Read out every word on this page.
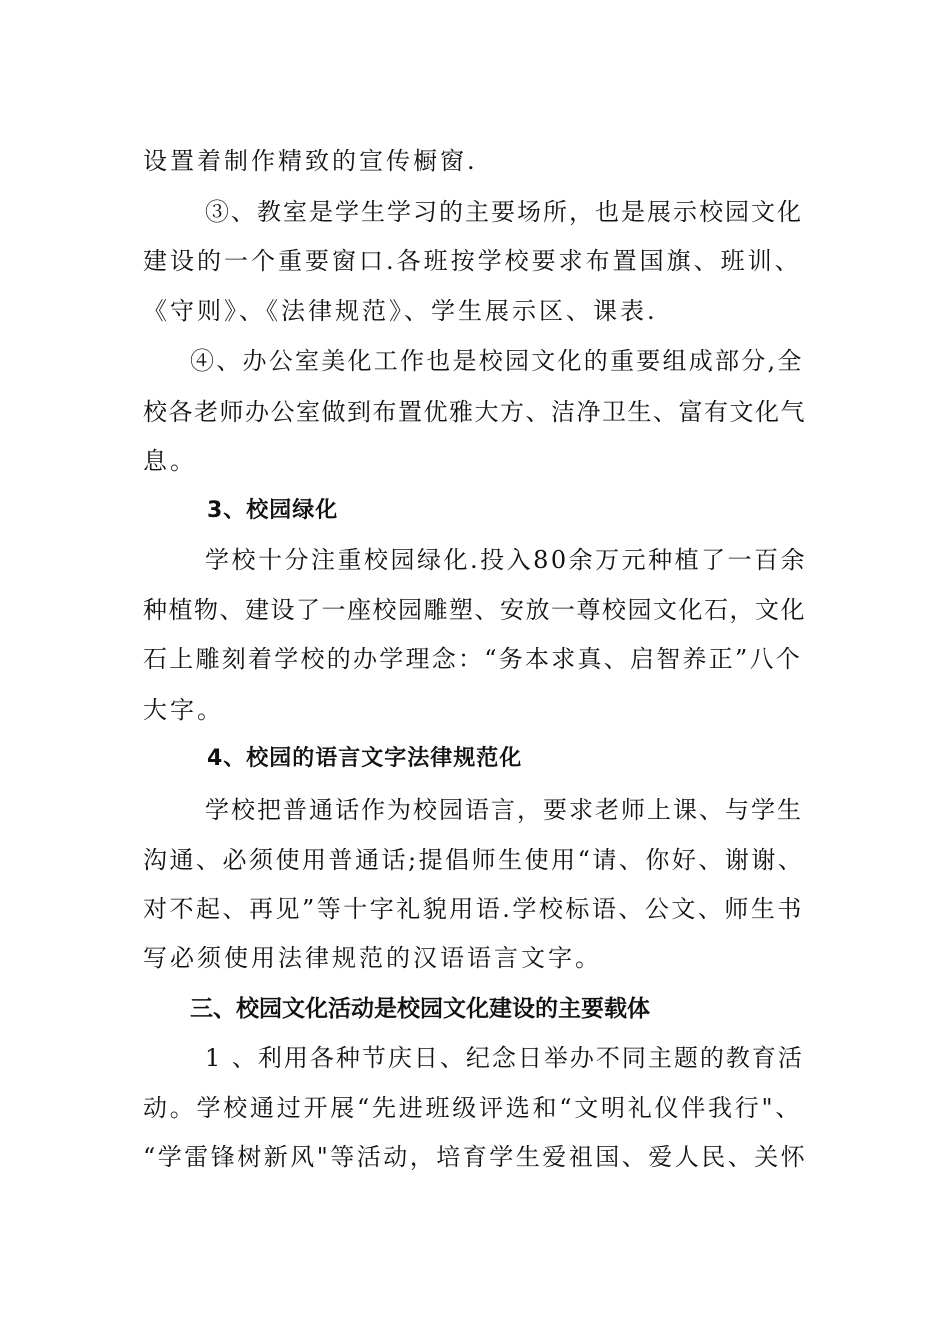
设置着制作精致的宣传橱窗.
③、教室是学生学习的主要场所，也是展示校园文化
建设的一个重要窗口.各班按学校要求布置国旗、班训、
《守则》、《法律规范》、学生展示区、课表.
④、办公室美化工作也是校园文化的重要组成部分,全
校各老师办公室做到布置优雅大方、洁净卫生、富有文化气
息。
3、校园绿化
学校十分注重校园绿化.投入80余万元种植了一百余
种植物、建设了一座校园雕塑、安放一尊校园文化石，文化
石上雕刻着学校的办学理念：“务本求真、启智养正”八个
大字。
4、校园的语言文字法律规范化
学校把普通话作为校园语言，要求老师上课、与学生
沟通、必须使用普通话;提倡师生使用“请、你好、谢谢、
对不起、再见”等十字礼貌用语.学校标语、公文、师生书
写必须使用法律规范的汉语语言文字。
三、校园文化活动是校园文化建设的主要载体
1 、利用各种节庆日、纪念日举办不同主题的教育活
动。学校通过开展“先进班级评选和“文明礼仪伴我行"、
“学雷锋树新风"等活动，培育学生爱祖国、爱人民、关怀
